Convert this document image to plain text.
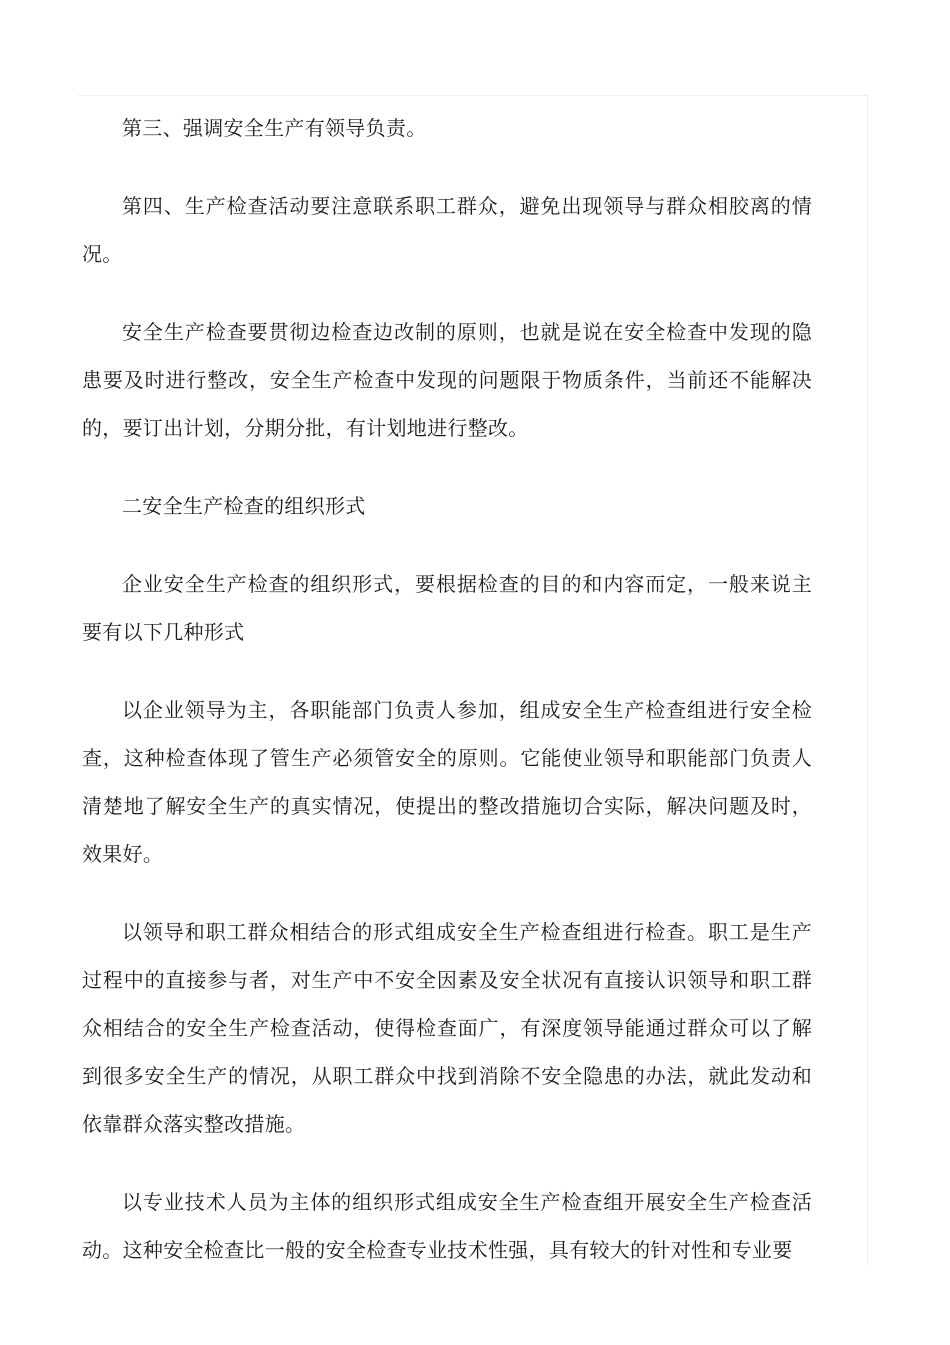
第三、强调安全生产有领导负责。

第四、生产检查活动要注意联系职工群众，避免出现领导与群众相胶离的情况。

安全生产检查要贯彻边检查边改制的原则，也就是说在安全检查中发现的隐患要及时进行整改，安全生产检查中发现的问题限于物质条件，当前还不能解决的，要订出计划，分期分批，有计划地进行整改。

二安全生产检查的组织形式

企业安全生产检查的组织形式，要根据检查的目的和内容而定，一般来说主要有以下几种形式

以企业领导为主，各职能部门负责人参加，组成安全生产检查组进行安全检查，这种检查体现了管生产必须管安全的原则。它能使业领导和职能部门负责人清楚地了解安全生产的真实情况，使提出的整改措施切合实际，解决问题及时，效果好。

以领导和职工群众相结合的形式组成安全生产检查组进行检查。职工是生产过程中的直接参与者，对生产中不安全因素及安全状况有直接认识领导和职工群众相结合的安全生产检查活动，使得检查面广，有深度领导能通过群众可以了解到很多安全生产的情况，从职工群众中找到消除不安全隐患的办法，就此发动和依靠群众落实整改措施。

以专业技术人员为主体的组织形式组成安全生产检查组开展安全生产检查活动。这种安全检查比一般的安全检查专业技术性强，具有较大的针对性和专业要
